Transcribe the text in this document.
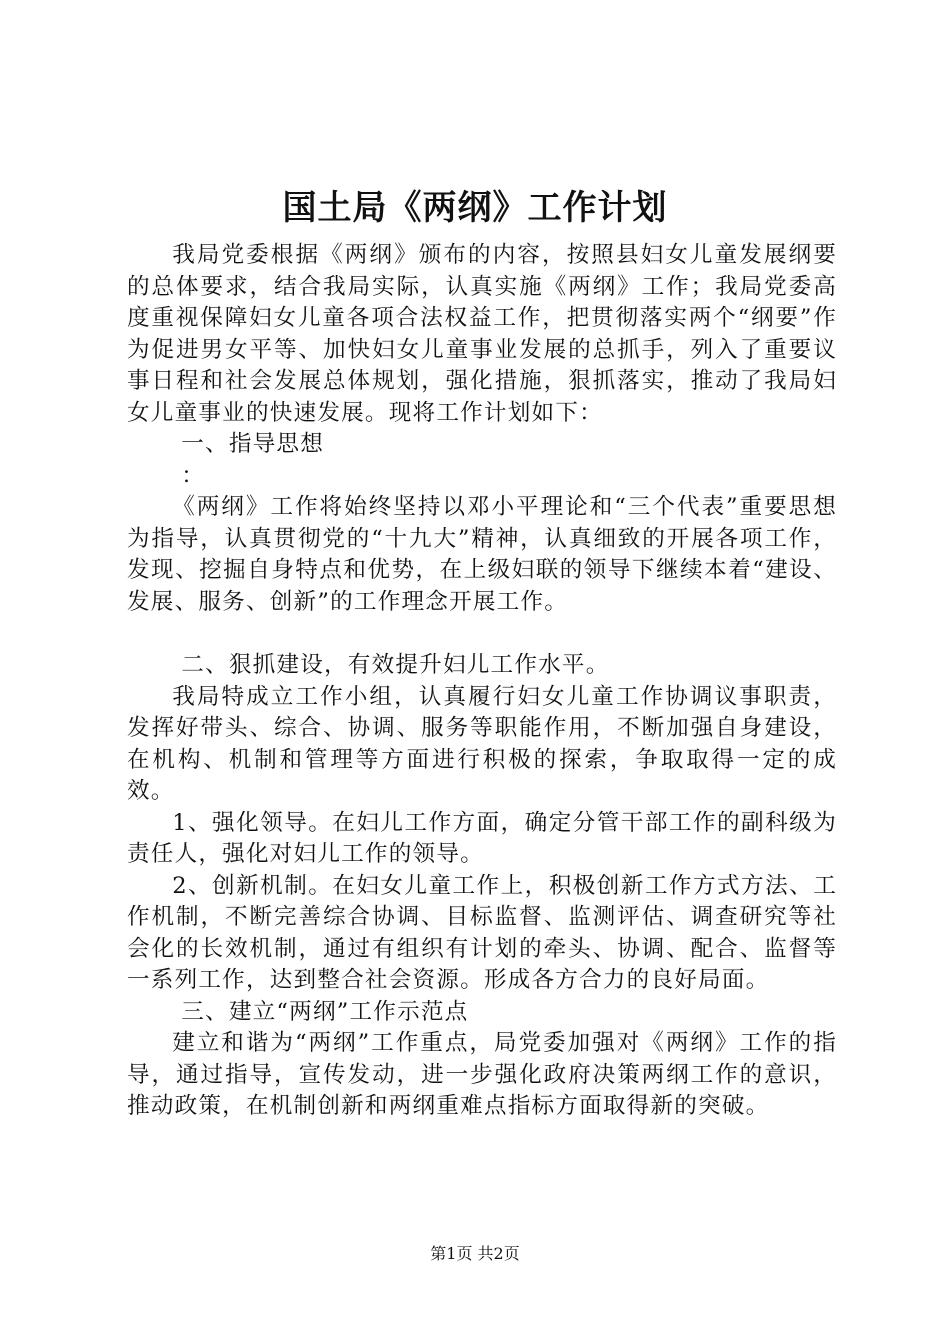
国土局《两纲》工作计划

我局党委根据《两纲》颁布的内容，按照县妇女儿童发展纲要的总体要求，结合我局实际，认真实施《两纲》工作；我局党委高度重视保障妇女儿童各项合法权益工作，把贯彻落实两个“纲要”作为促进男女平等、加快妇女儿童事业发展的总抓手，列入了重要议事日程和社会发展总体规划，强化措施，狠抓落实，推动了我局妇女儿童事业的快速发展。现将工作计划如下：

一、指导思想

：

《两纲》工作将始终坚持以邓小平理论和“三个代表”重要思想为指导，认真贯彻党的“十九大”精神，认真细致的开展各项工作，发现、挖掘自身特点和优势，在上级妇联的领导下继续本着“建设、发展、服务、创新”的工作理念开展工作。

二、狠抓建设，有效提升妇儿工作水平。

我局特成立工作小组，认真履行妇女儿童工作协调议事职责，发挥好带头、综合、协调、服务等职能作用，不断加强自身建设，在机构、机制和管理等方面进行积极的探索，争取取得一定的成效。

1、强化领导。在妇儿工作方面，确定分管干部工作的副科级为责任人，强化对妇儿工作的领导。

2、创新机制。在妇女儿童工作上，积极创新工作方式方法、工作机制，不断完善综合协调、目标监督、监测评估、调查研究等社会化的长效机制，通过有组织有计划的牵头、协调、配合、监督等一系列工作，达到整合社会资源。形成各方合力的良好局面。

三、建立“两纲”工作示范点

建立和谐为“两纲”工作重点，局党委加强对《两纲》工作的指导，通过指导，宣传发动，进一步强化政府决策两纲工作的意识，推动政策，在机制创新和两纲重难点指标方面取得新的突破。

第1页 共2页
